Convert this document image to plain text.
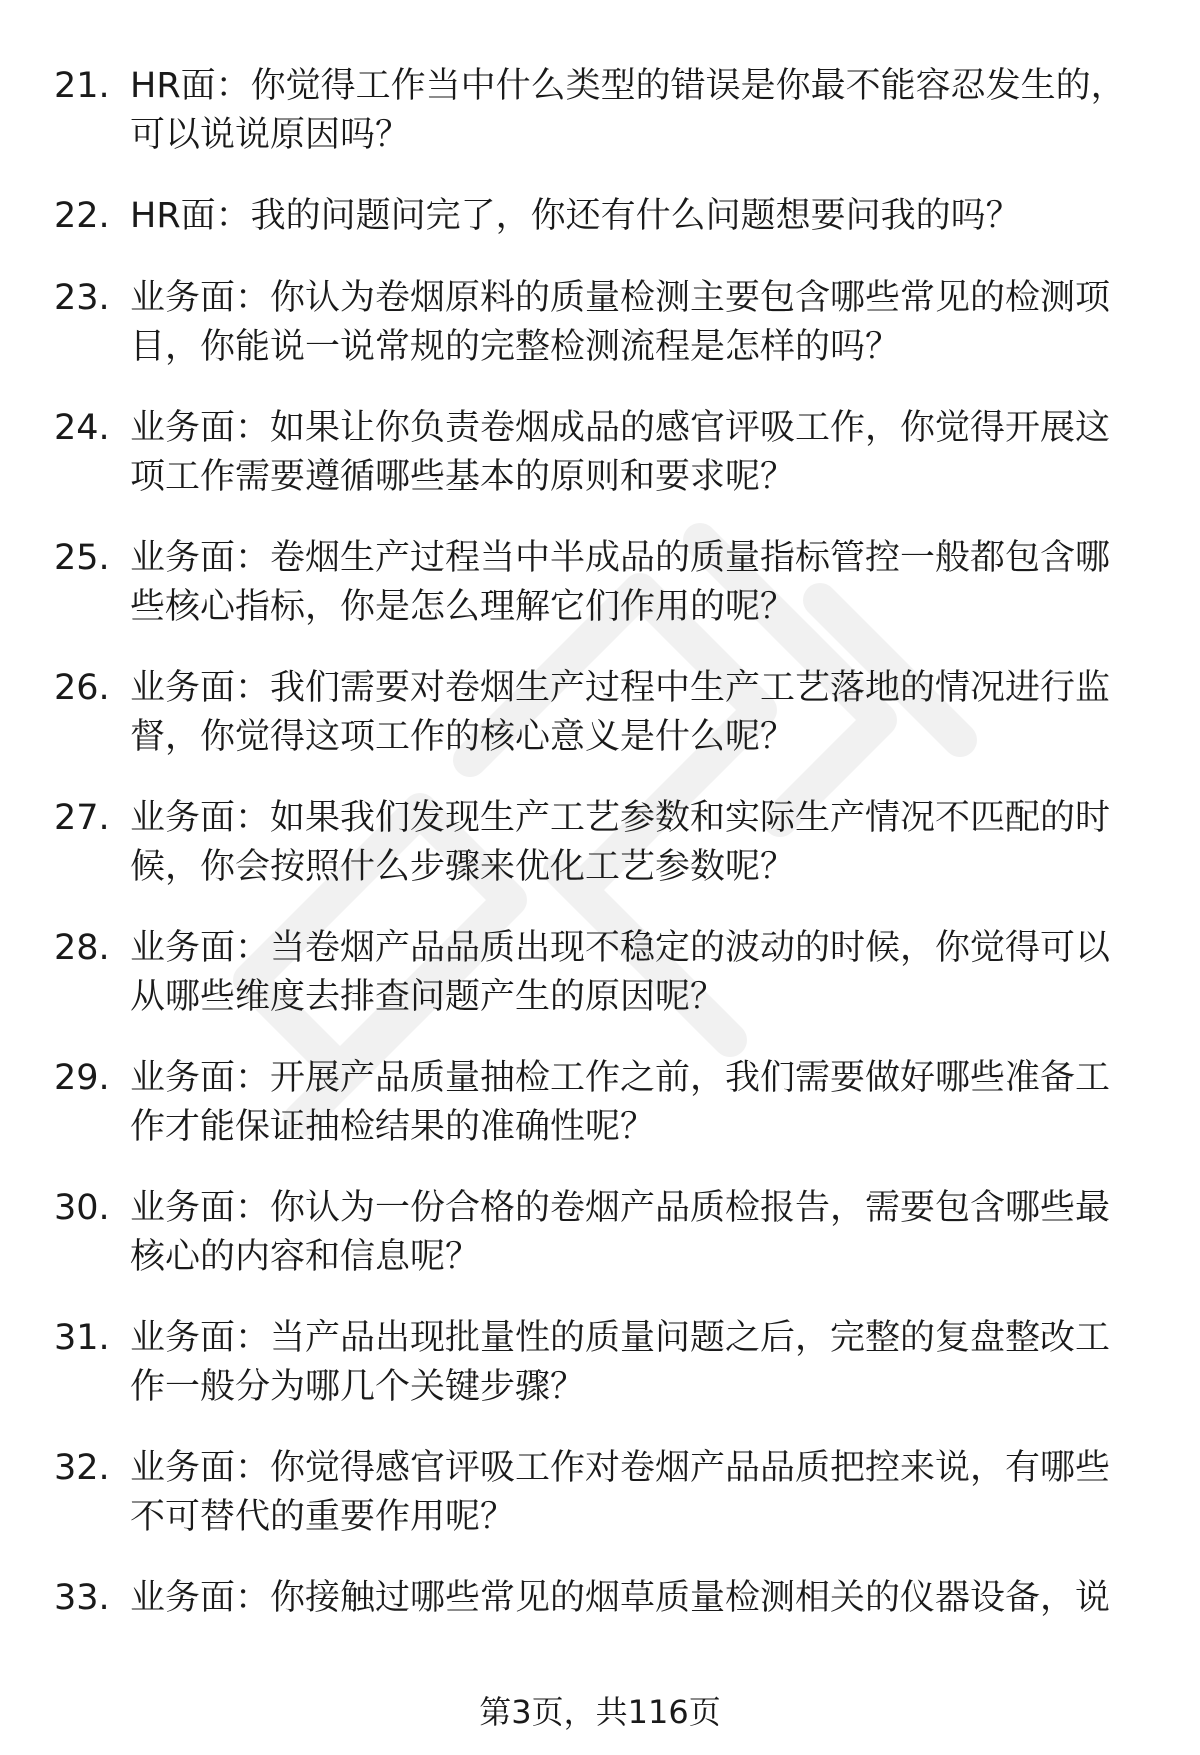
21. HR面：你觉得工作当中什么类型的错误是你最不能容忍发生的，
可以说说原因吗？
22. HR面：我的问题问完了，你还有什么问题想要问我的吗？
23. 业务面：你认为卷烟原料的质量检测主要包含哪些常见的检测项
目，你能说一说常规的完整检测流程是怎样的吗？
24. 业务面：如果让你负责卷烟成品的感官评吸工作，你觉得开展这
项工作需要遵循哪些基本的原则和要求呢？
25. 业务面：卷烟生产过程当中半成品的质量指标管控一般都包含哪
些核心指标，你是怎么理解它们作用的呢？
26. 业务面：我们需要对卷烟生产过程中生产工艺落地的情况进行监
督，你觉得这项工作的核心意义是什么呢？
27. 业务面：如果我们发现生产工艺参数和实际生产情况不匹配的时
候，你会按照什么步骤来优化工艺参数呢？
28. 业务面：当卷烟产品品质出现不稳定的波动的时候，你觉得可以
从哪些维度去排查问题产生的原因呢？
29. 业务面：开展产品质量抽检工作之前，我们需要做好哪些准备工
作才能保证抽检结果的准确性呢？
30. 业务面：你认为一份合格的卷烟产品质检报告，需要包含哪些最
核心的内容和信息呢？
31. 业务面：当产品出现批量性的质量问题之后，完整的复盘整改工
作一般分为哪几个关键步骤？
32. 业务面：你觉得感官评吸工作对卷烟产品品质把控来说，有哪些
不可替代的重要作用呢？
33. 业务面：你接触过哪些常见的烟草质量检测相关的仪器设备，说
第3页，共116页
